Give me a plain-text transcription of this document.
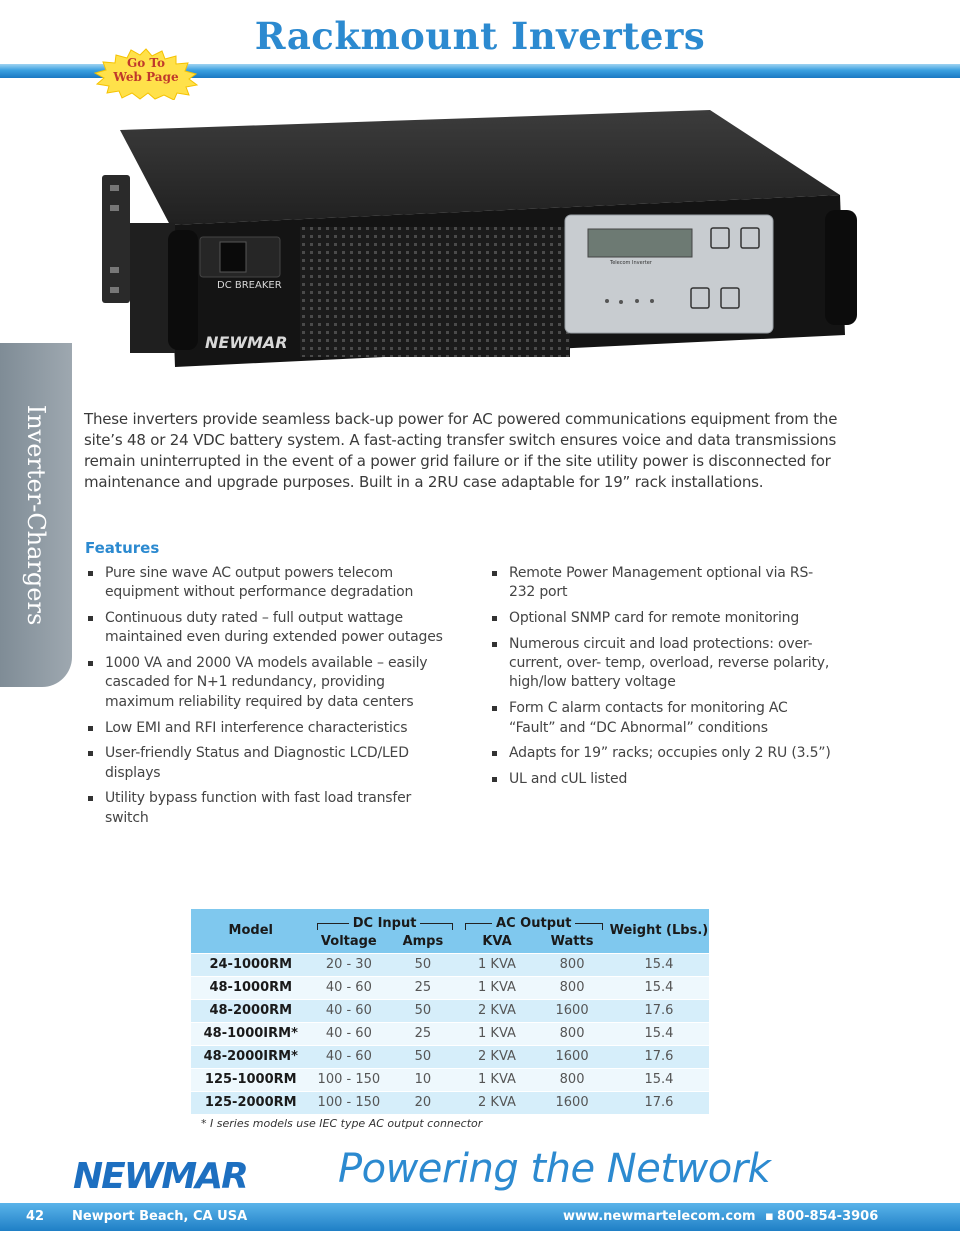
Rackmount Inverters
Go To
Web Page
Inverter-Chargers
DC BREAKER
NEWMAR
Telecom Inverter

These inverters provide seamless back-up power for AC powered communications equipment from the site’s 48 or 24 VDC battery system. A fast-acting transfer switch ensures voice and data transmissions remain uninterrupted in the event of a power grid failure or if the site utility power is disconnected for maintenance and upgrade purposes. Built in a 2RU case adaptable for 19” rack installations.

Features
Pure sine wave AC output powers telecom equipment without performance degradation
Continuous duty rated – full output wattage maintained even during extended power outages
1000 VA and 2000 VA models available – easily cascaded for N+1 redundancy, providing maximum reliability required by data centers
Low EMI and RFI interference characteristics
User-friendly Status and Diagnostic LCD/LED displays
Utility bypass function with fast load transfer switch
Remote Power Management optional via RS-232 port
Optional SNMP card for remote monitoring
Numerous circuit and load protections: over-current, over- temp, overload, reverse polarity, high/low battery voltage
Form C alarm contacts for monitoring AC “Fault” and “DC Abnormal” conditions
Adapts for 19” racks; occupies only 2 RU (3.5”)
UL and cUL listed
Model	DC Input		AC Output		Weight (Lbs.)
	Voltage	Amps	KVA	Watts	
24-1000RM	20 - 30	50	1 KVA	800	15.4
48-1000RM	40 - 60	25	1 KVA	800	15.4
48-2000RM	40 - 60	50	2 KVA	1600	17.6
48-1000IRM*	40 - 60	25	1 KVA	800	15.4
48-2000IRM*	40 - 60	50	2 KVA	1600	17.6
125-1000RM	100 - 150	10	1 KVA	800	15.4
125-2000RM	100 - 150	20	2 KVA	1600	17.6
* I series models use IEC type AC output connector
NEWMAR Powering the Network
42 Newport Beach, CA USA	www.newmartelecom.com ▪ 800-854-3906
